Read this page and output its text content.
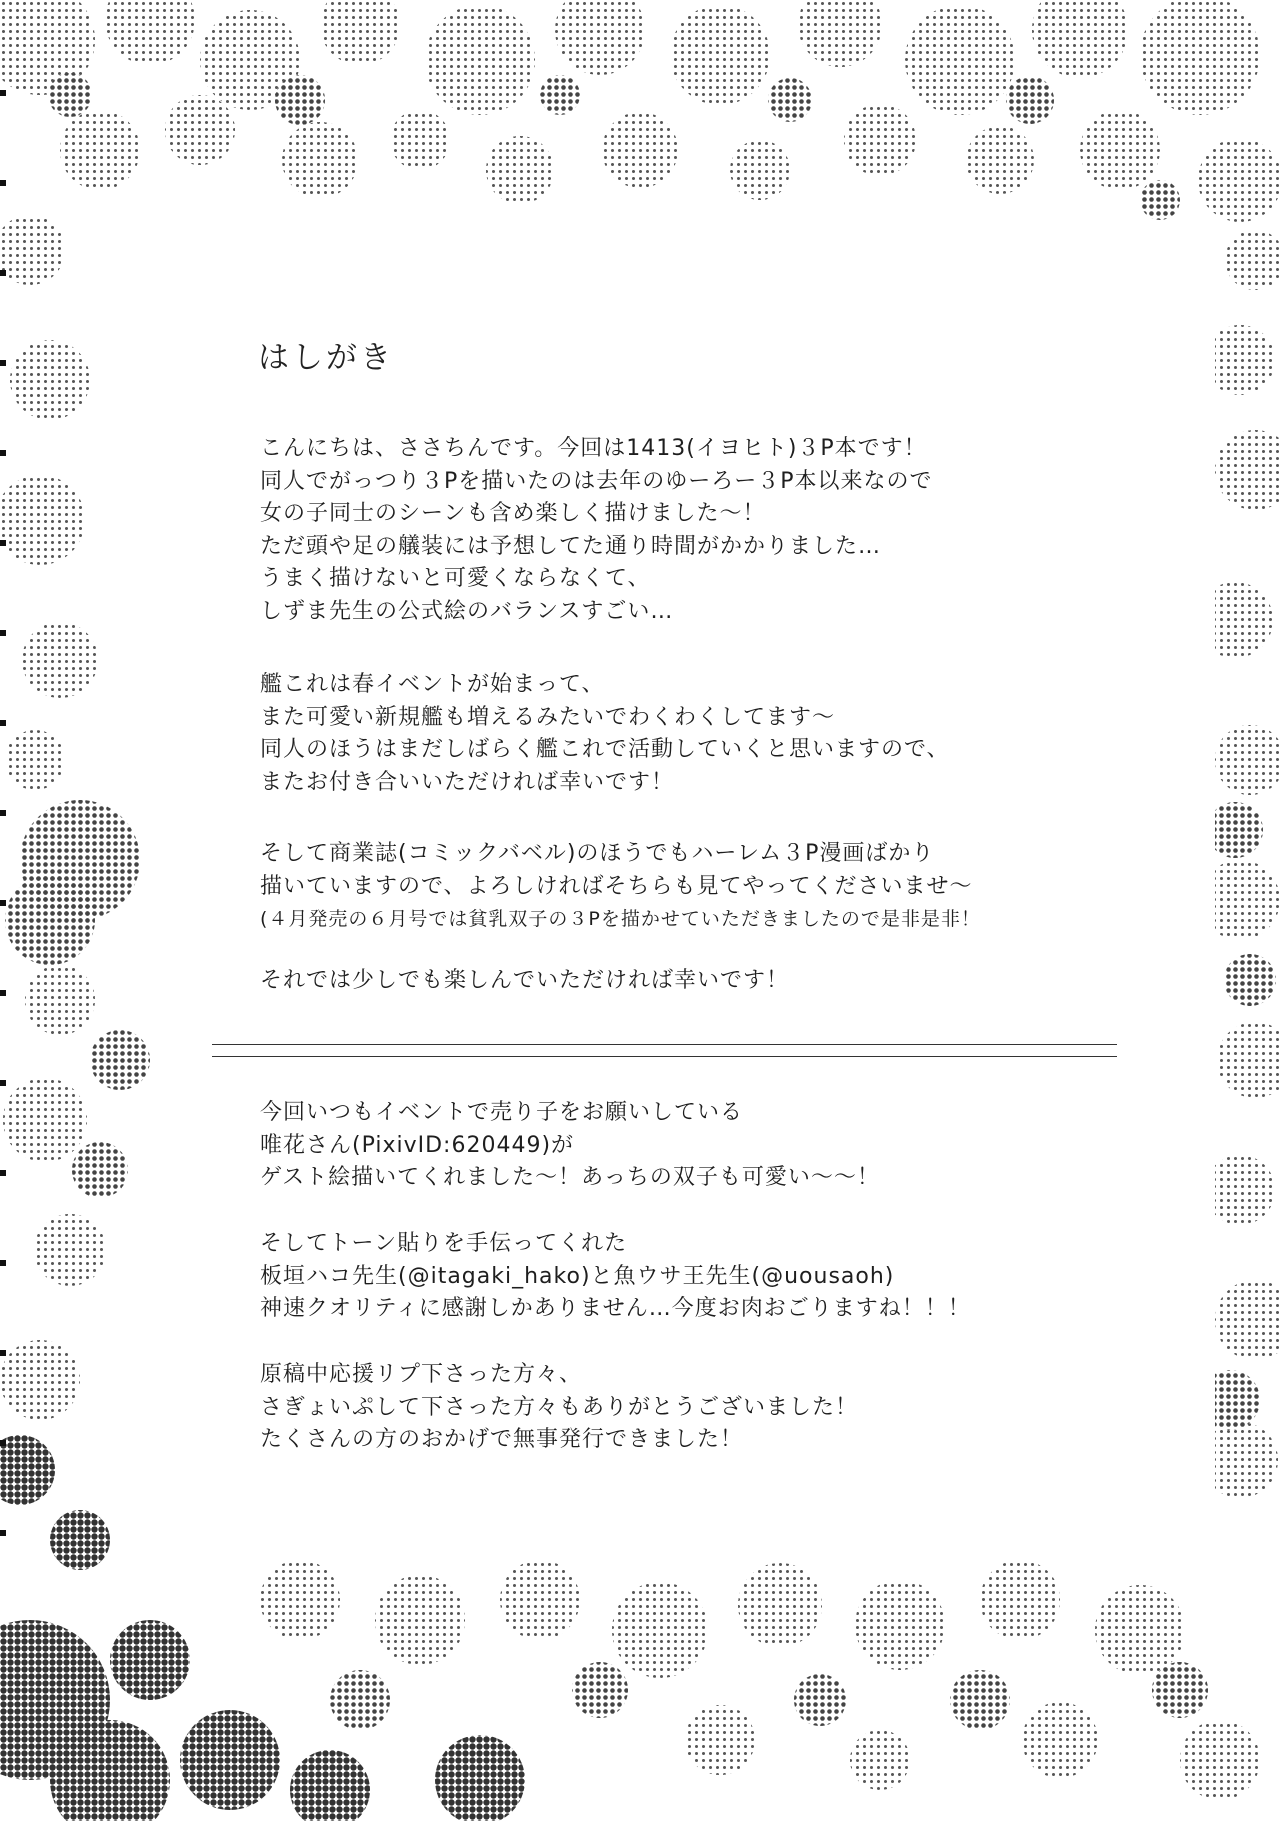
はしがき
こんにちは、ささちんです。今回は1413(イヨヒト)３P本です！
同人でがっつり３Pを描いたのは去年のゆーろー３P本以来なので
女の子同士のシーンも含め楽しく描けました～！
ただ頭や足の艤装には予想してた通り時間がかかりました…
うまく描けないと可愛くならなくて、
しずま先生の公式絵のバランスすごい…
艦これは春イベントが始まって、
また可愛い新規艦も増えるみたいでわくわくしてます～
同人のほうはまだしばらく艦これで活動していくと思いますので、
またお付き合いいただければ幸いです！
そして商業誌(コミックバベル)のほうでもハーレム３P漫画ばかり
描いていますので、よろしければそちらも見てやってくださいませ～
(４月発売の６月号では貧乳双子の３Pを描かせていただきましたので是非是非！
それでは少しでも楽しんでいただければ幸いです！
今回いつもイベントで売り子をお願いしている
唯花さん(PixivID:620449)が
ゲスト絵描いてくれました～！あっちの双子も可愛い～～！
そしてトーン貼りを手伝ってくれた
板垣ハコ先生(@itagaki_hako)と魚ウサ王先生(@uousaoh)
神速クオリティに感謝しかありません…今度お肉おごりますね！！！
原稿中応援リプ下さった方々、
さぎょいぷして下さった方々もありがとうございました！
たくさんの方のおかげで無事発行できました！
